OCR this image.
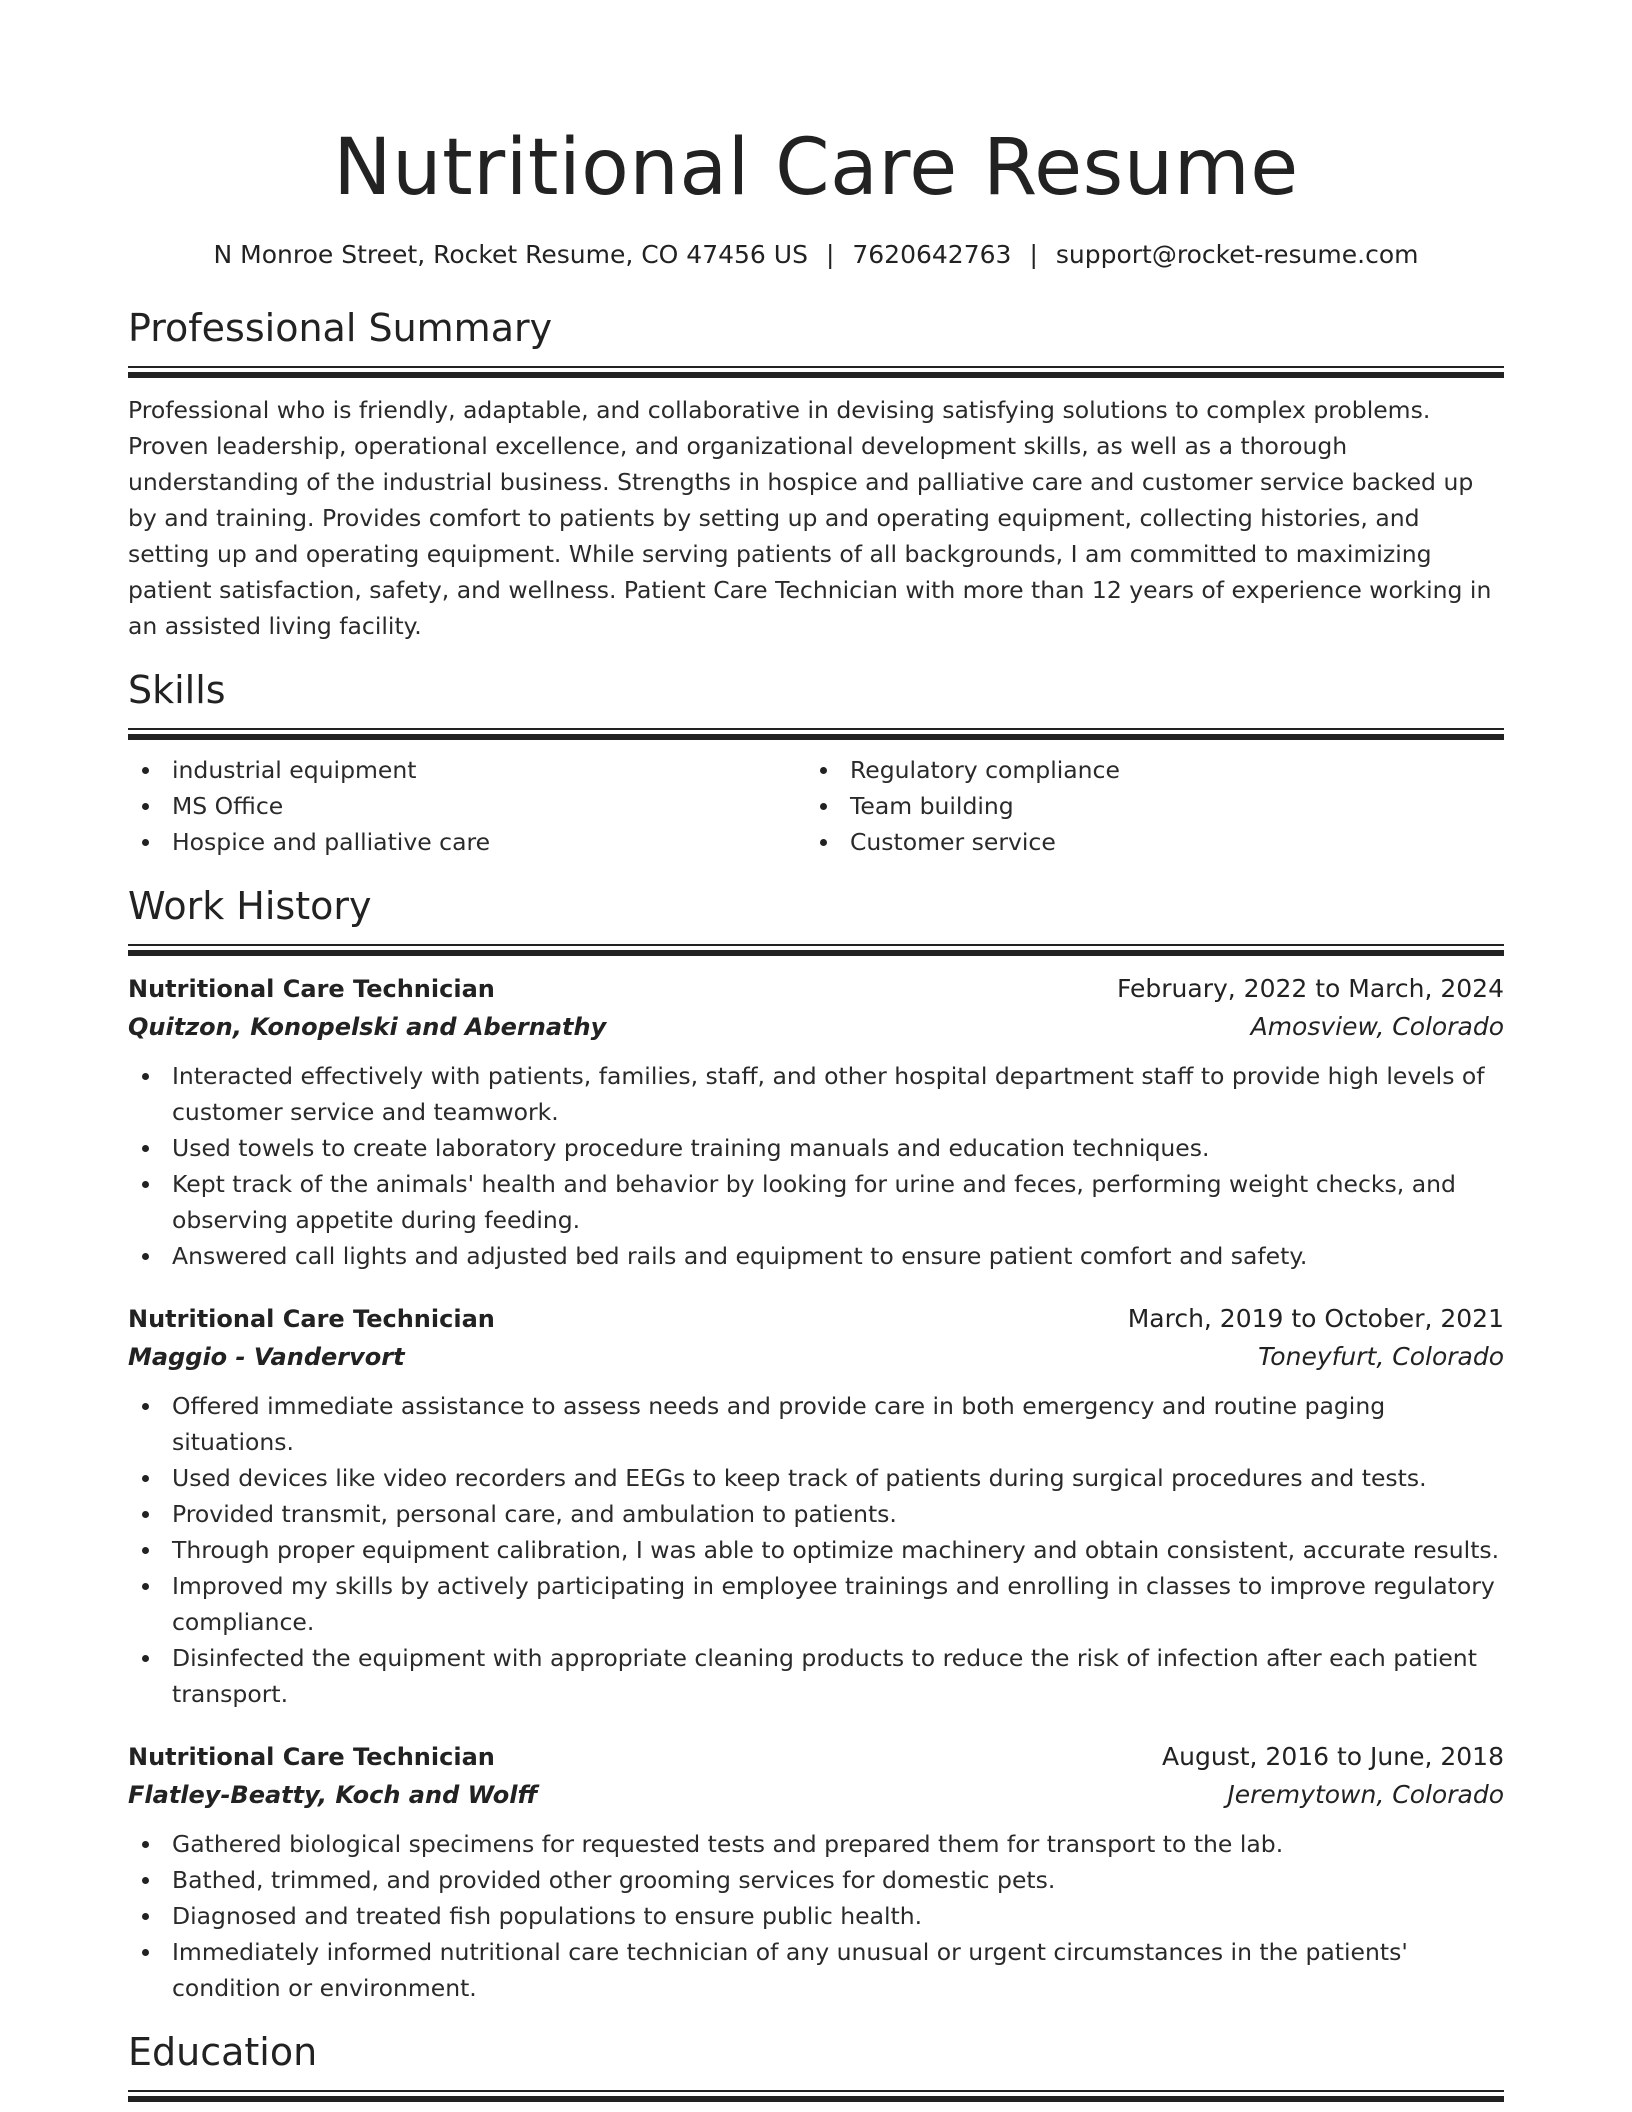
Nutritional Care Resume
N Monroe Street, Rocket Resume, CO 47456 US | 7620642763 | support@rocket-resume.com
Professional Summary

Professional who is friendly, adaptable, and collaborative in devising satisfying solutions to complex problems. Proven leadership, operational excellence, and organizational development skills, as well as a thorough understanding of the industrial business. Strengths in hospice and palliative care and customer service backed up by and training. Provides comfort to patients by setting up and operating equipment, collecting histories, and setting up and operating equipment. While serving patients of all backgrounds, I am committed to maximizing patient satisfaction, safety, and wellness. Patient Care Technician with more than 12 years of experience working in an assisted living facility.

Skills
industrial equipment
MS Office
Hospice and palliative care
Regulatory compliance
Team building
Customer service
Work History
Nutritional Care Technician	February, 2022 to March, 2024
Quitzon, Konopelski and Abernathy	Amosview, Colorado
Interacted effectively with patients, families, staff, and other hospital department staff to provide high levels of customer service and teamwork.
Used towels to create laboratory procedure training manuals and education techniques.
Kept track of the animals' health and behavior by looking for urine and feces, performing weight checks, and observing appetite during feeding.
Answered call lights and adjusted bed rails and equipment to ensure patient comfort and safety.
Nutritional Care Technician	March, 2019 to October, 2021
Maggio - Vandervort	Toneyfurt, Colorado
Offered immediate assistance to assess needs and provide care in both emergency and routine paging situations.
Used devices like video recorders and EEGs to keep track of patients during surgical procedures and tests.
Provided transmit, personal care, and ambulation to patients.
Through proper equipment calibration, I was able to optimize machinery and obtain consistent, accurate results.
Improved my skills by actively participating in employee trainings and enrolling in classes to improve regulatory compliance.
Disinfected the equipment with appropriate cleaning products to reduce the risk of infection after each patient transport.
Nutritional Care Technician	August, 2016 to June, 2018
Flatley-Beatty, Koch and Wolff	Jeremytown, Colorado
Gathered biological specimens for requested tests and prepared them for transport to the lab.
Bathed, trimmed, and provided other grooming services for domestic pets.
Diagnosed and treated fish populations to ensure public health.
Immediately informed nutritional care technician of any unusual or urgent circumstances in the patients' condition or environment.
Education
